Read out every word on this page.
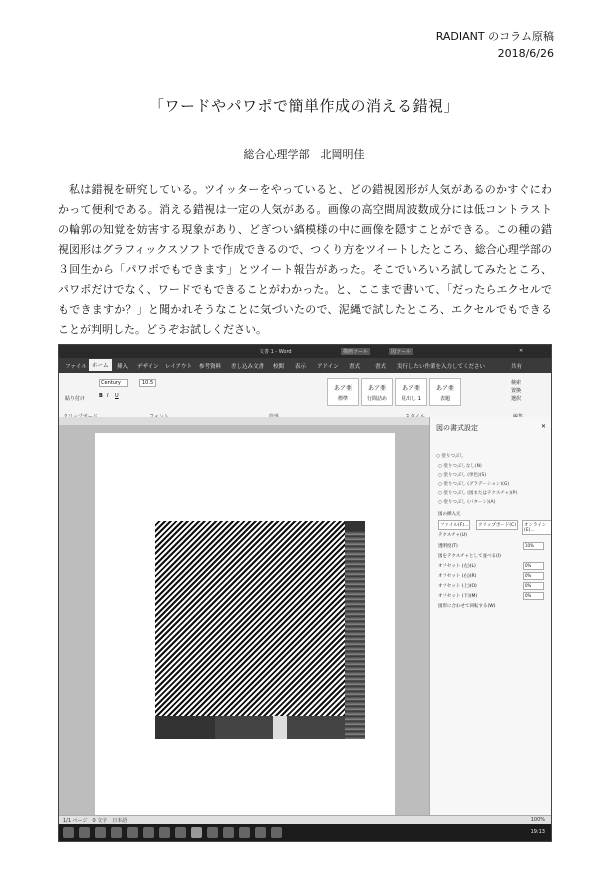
RADIANT のコラム原稿
2018/6/26
「ワードやパワポで簡単作成の消える錯視」
総合心理学部　北岡明佳
私は錯視を研究している。ツイッターをやっていると、どの錯視図形が人気があるのかすぐにわかって便利である。消える錯視は一定の人気がある。画像の高空間周波数成分には低コントラストの輪郭の知覚を妨害する現象があり、どぎつい縞模様の中に画像を隠すことができる。この種の錯視図形はグラフィックスソフトで作成できるので、つくり方をツイートしたところ、総合心理学部の３回生から「パワポでもできます」とツイート報告があった。そこでいろいろ試してみたところ、パワポだけでなく、ワードでもできることがわかった。と、ここまで書いて、「だったらエクセルでもできますか？」と聞かれそうなことに気づいたので、泥縄で試したところ、エクセルでもできることが判明した。どうぞお試しください。
文書 1 - Word	描画ツール	図ツール	✕
ファイル ホーム	挿入 デザイン レイアウト 参考資料 差し込み文書 校閲 表示 アドイン 書式	書式 実行したい作業を入力してください	共有
貼り付け
Century	10.5
B I U
あア亜
標準
あア亜
行間詰め
あア亜
見出し 1
あア亜
表題
検索
置換
選択
図の書式設定	✕
○ 塗りつぶし
○ 塗りつぶしなし(N)
○ 塗りつぶし (単色)(S)
○ 塗りつぶし (グラデーション)(G)
○ 塗りつぶし (図またはテクスチャ)(P)
○ 塗りつぶし (パターン)(A)
図の挿入元
ファイル(F)...	クリップボード(C)	オンライン(E)...
テクスチャ(U)
透明度(T)	10%
図をテクスチャとして並べる(I)
オフセット (左)(L)	0%
オフセット (右)(R)	0%
オフセット (上)(O)	0%
オフセット (下)(M)	0%
図形に合わせて回転する(W)
1/1 ページ　0 文字　日本語	100%
19:13
